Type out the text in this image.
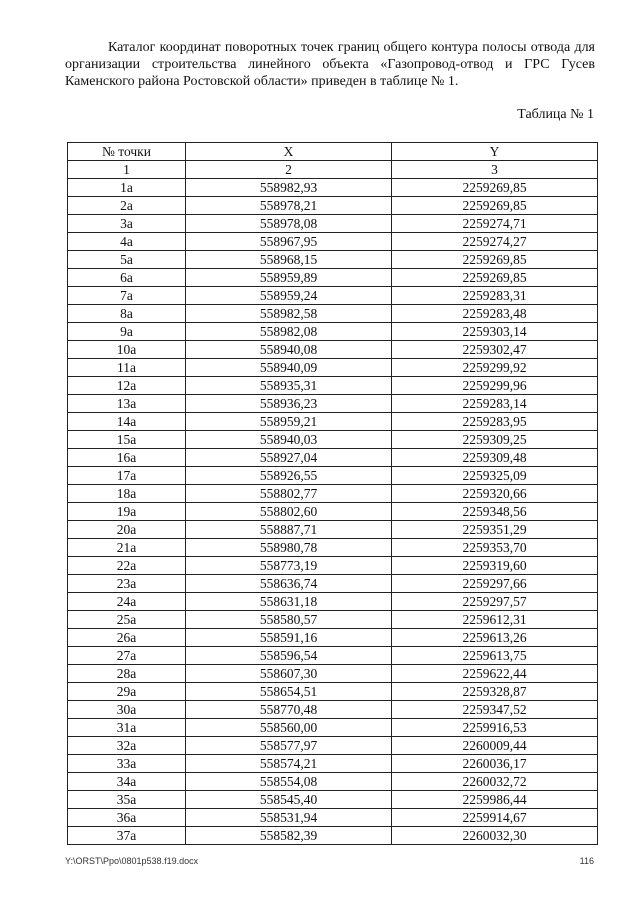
Каталог координат поворотных точек границ общего контура полосы отвода для организации строительства линейного объекта «Газопровод-отвод и ГРС Гусев Каменского района Ростовской области» приведен в таблице № 1.

Таблица № 1

№ точки	X	Y
1	2	3
1а	558982,93	2259269,85
2а	558978,21	2259269,85
3а	558978,08	2259274,71
4а	558967,95	2259274,27
5а	558968,15	2259269,85
6а	558959,89	2259269,85
7а	558959,24	2259283,31
8а	558982,58	2259283,48
9а	558982,08	2259303,14
10а	558940,08	2259302,47
11а	558940,09	2259299,92
12а	558935,31	2259299,96
13а	558936,23	2259283,14
14а	558959,21	2259283,95
15а	558940,03	2259309,25
16а	558927,04	2259309,48
17а	558926,55	2259325,09
18а	558802,77	2259320,66
19а	558802,60	2259348,56
20а	558887,71	2259351,29
21а	558980,78	2259353,70
22а	558773,19	2259319,60
23а	558636,74	2259297,66
24а	558631,18	2259297,57
25а	558580,57	2259612,31
26а	558591,16	2259613,26
27а	558596,54	2259613,75
28а	558607,30	2259622,44
29а	558654,51	2259328,87
30а	558770,48	2259347,52
31а	558560,00	2259916,53
32а	558577,97	2260009,44
33а	558574,21	2260036,17
34а	558554,08	2260032,72
35а	558545,40	2259986,44
36а	558531,94	2259914,67
37а	558582,39	2260032,30

Y:\ORST\Ppo\0801p538.f19.docx	116
